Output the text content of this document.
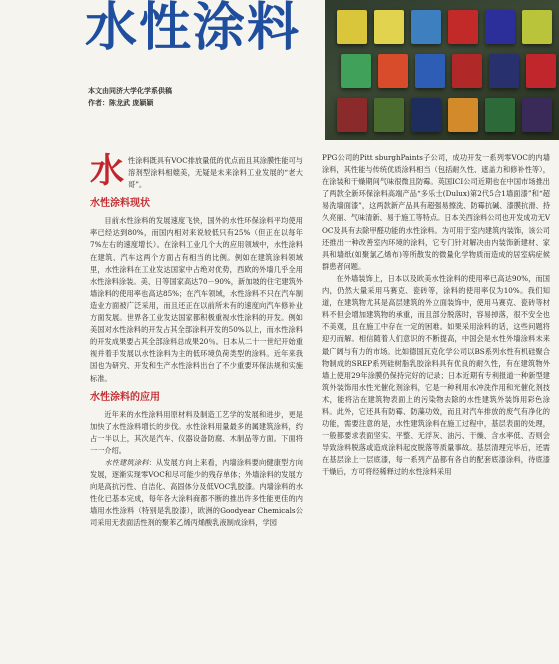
水性涂料
本文由同济大学化学系供稿
作者：陈龙武 庞颖颖
水 性涂料既具有VOC排放量低的优点而且其涂膜性能可与溶剂型涂料相媲美，无疑是未来涂料工业发展的“老大哥”。

水性涂料现状

目前水性涂料的发展速度飞快，国外的水性环保涂料平均使用率已经达到80%，而国内相对来说较低只有25%（但正在以每年7%左右的速度增长）。在涂料工业几个大的应用领域中，水性涂料在建筑、汽车这两个方面占有相当的比例。例如在建筑涂料领域里，水性涂料在工业发达国家中占绝对优势，西欧的外墙几乎全用水性涂料涂装。美、日等国家高达70－90%，新加坡的住宅建筑外墙涂料的使用率也高达85%；在汽车领域，水性涂料不只在汽车制造业方面被广泛采用，而且还正在以前所未有的速度向汽车修补业方面发展。世界各工业发达国家都积极重视水性涂料的开发。例如美国对水性涂料的开发占其全部涂料开发的50%以上，而水性涂料的开发成果要占其全部涂料总成果20％。日本从二十一世纪开始重视并着手发展以水性涂料为主的低环境负荷类型的涂料。近年来我国也为研究、开发和生产水性涂料出台了不少重要环保法规和实施标准。

水性涂料的应用

近年来的水性涂料用原材料及制造工艺学的发展和进步，更是加快了水性涂料增长的步伐。水性涂料用量最多的属建筑涂料，约占一半以上，其次是汽车、仪器设备防腐、木制品等方面。下面将一一介绍。

水性建筑涂料：从发展方向上来看，内墙涂料要向健康型方向发展，逐渐实现零VOC和尽可能少的残存单体；外墙涂料的发展方向是高抗污性、自洁化、高固体分及低VOC乳胶漆。内墙涂料的水性化已基本完成，每年各大涂料商都不断的推出许多性能更佳的内墙用水性涂料（特别是乳胶漆），欧洲的Goodyear Chemicals公司采用无表面活性剂的聚苯乙烯丙烯酸乳液制成涂料，学园

PPG公司的Pitt sburghPaints子公司，成功开发一系列零VOC的内墙涂料，其性能与传统优质涂料相当（包括耐久性、遮盖力和修补性等），在涂装和干燥期间气味很微且防霉。英国ICI公司近期也在中国市场推出了两款全新环保涂料高端产品“多乐士(Dulux)第2代5合1墙面漆”和“超易洗墙面漆”，这两款新产品具有超强易擦洗、防霉抗碱、漆膜抗滑、持久亮丽、气味清新、易于施工等特点。日本关西涂料公司也开发成功无VOC及具有去除甲醛功能的水性涂料。为可用于室内建筑内装饰，该公司还推出一种改善室内环境的涂料，它专门针对解决由内装饰新建材、家具和墙纸(如聚氯乙烯布)等所散发的微量化学物质而造成的居室病症候群患者问题。

在外墙装饰上，日本以及欧美水性涂料的使用率已高达90%，而国内，仍然大量采用马赛克、瓷砖等，涂料的使用率仅为10%。我们知道，在建筑物尤其是高层建筑的外立面装饰中，使用马赛克、瓷砖等材料不但会增加建筑物的承重，而且部分脱落时，容易掉落，很不安全也不美观，且在施工中存在一定的困难。如果采用涂料的话，这些问题将迎刃而解。相信随着人们意识的不断提高，中国会是水性外墙涂料未来最广阔与有力的市场。比如德国瓦克化学公司以BS系列水性有机硅聚合物制成的SREP系列硅树脂乳胶涂料具有优良的耐久性，有在建筑物外墙上使用29年涂膜仍保持完好的记录；日本近期有专利报道一种新型建筑外装饰用水性光催化剂涂料，它是一种利用水冲洗作用和光催化剂技术，能将沾在建筑物表面上的污染物去除的水性建筑外装饰用彩色涂料。此外，它还具有防霉、防藻功效，而且对汽车排放的废气有净化的功能，需要注意的是，水性建筑涂料在施工过程中，基层表面的处理，一般都要求表面坚实、平整、无浮灰、油污、干燥、含水率低、否则会导致涂料脱落或造成涂料起皮脱落等质量事故。基层清理完毕后，还需在基层涂上一层底漆，每一系列产品都有各自的配套底漆涂料，待底漆干燥后，方可将经稀释过的水性涂料采用
